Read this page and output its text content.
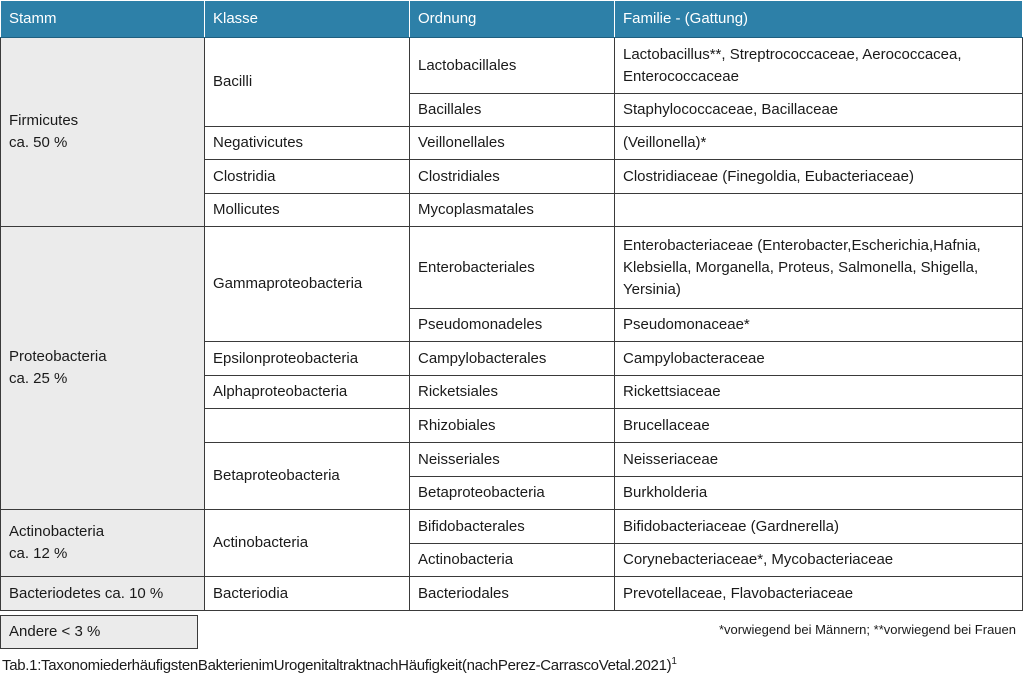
Stamm	Klasse	Ordnung	Familie - (Gattung)

Firmicutes
ca. 50 %	Bacilli	Lactobacillales	Lactobacillus**, Streptrococcaceae, Aerococcacea, Enterococcaceae
		Bacillales	Staphylococcaceae, Bacillaceae
	Negativicutes	Veillonellales	(Veillonella)*
	Clostridia	Clostridiales	Clostridiaceae (Finegoldia, Eubacteriaceae)
	Mollicutes	Mycoplasmatales	

Proteobacteria
ca. 25 %	Gammaproteobacteria	Enterobacteriales	Enterobacteriaceae (Enterobacter,Escherichia,Hafnia, Klebsiella, Morganella, Proteus, Salmonella, Shigella, Yersinia)
		Pseudomonadeles	Pseudomonaceae*
	Epsilonproteobacteria	Campylobacterales	Campylobacteraceae
	Alphaproteobacteria	Ricketsiales	Rickettsiaceae
		Rhizobiales	Brucellaceae
	Betaproteobacteria	Neisseriales	Neisseriaceae
		Betaproteobacteria	Burkholderia

Actinobacteria
ca. 12 %	Actinobacteria	Bifidobacterales	Bifidobacteriaceae (Gardnerella)
		Actinobacteria	Corynebacteriaceae*, Mycobacteriaceae
Bacteriodetes ca. 10 %	Bacteriodia	Bacteriodales	Prevotellaceae, Flavobacteriaceae
Andere < 3 %	*vorwiegend bei Männern; **vorwiegend bei Frauen
Tab.1:TaxonomiederhäufigstenBakterienimUrogenitaltraktnachHäufigkeit(nachPerez-CarrascoVetal.2021)$^1$
